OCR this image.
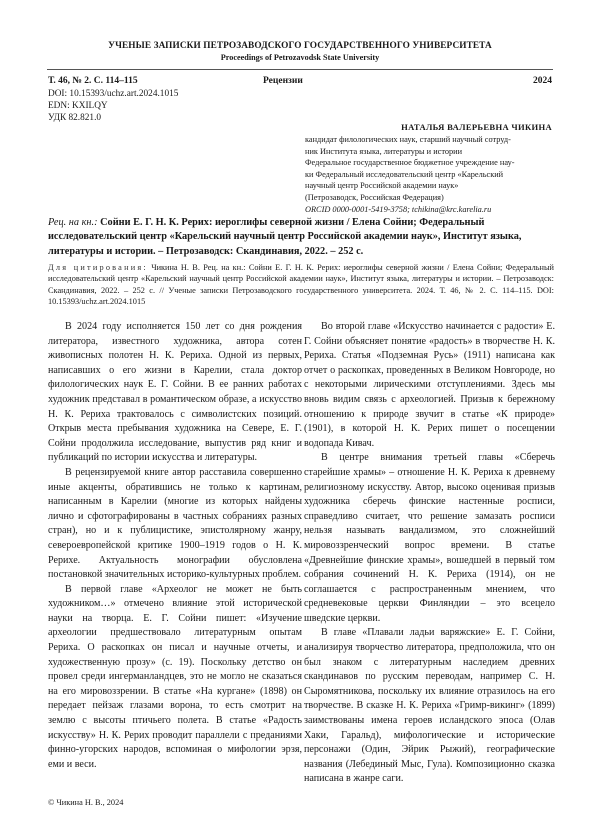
УЧЕНЫЕ ЗАПИСКИ ПЕТРОЗАВОДСКОГО ГОСУДАРСТВЕННОГО УНИВЕРСИТЕТА
Proceedings of Petrozavodsk State University
Т. 46, № 2. С. 114–115	Рецензии	2024
DOI: 10.15393/uchz.art.2024.1015
EDN: KXILQY
УДК 82.821.0
НАТАЛЬЯ ВАЛЕРЬЕВНА ЧИКИНА
кандидат филологических наук, старший научный сотруд-
ник Института языка, литературы и истории
Федеральное государственное бюджетное учреждение нау-
ки Федеральный исследовательский центр «Карельский
научный центр Российской академии наук»
(Петрозаводск, Российская Федерация)
ORCID 0000-0001-5419-3758; tchikina@krc.karelia.ru
Рец. на кн.: Сойни Е. Г. Н. К. Рерих: иероглифы северной жизни / Елена Сойни; Федеральный исследовательский центр «Карельский научный центр Российской академии наук», Институт языка, литературы и истории. – Петрозаводск: Скандинавия, 2022. – 252 с.
Для цитирования: Чикина Н. В. Рец. на кн.: Сойни Е. Г. Н. К. Рерих: иероглифы северной жизни / Елена Сойни; Федеральный исследовательский центр «Карельский научный центр Российской академии наук», Институт языка, литературы и истории. – Петрозаводск: Скандинавия, 2022. – 252 с. // Ученые записки Петрозаводского государственного университета. 2024. Т. 46, № 2. С. 114–115. DOI: 10.15393/uchz.art.2024.1015

В 2024 году исполняется 150 лет со дня рождения литератора, известного художника, автора сотен живописных полотен Н. К. Рериха. Одной из первых, написавших о его жизни в Карелии, стала доктор филологических наук Е. Г. Сойни. В ее ранних работах художник представал в романтическом образе, а искусство Н. К. Рериха трактовалось с символистских позиций. Открыв места пребывания художника на Севере, Е. Г. Сойни продолжила исследование, выпустив ряд книг и публикаций по истории искусства и литературы.

В рецензируемой книге автор расставила совершенно иные акценты, обратившись не только к картинам, написанным в Карелии (многие из которых найдены лично и сфотографированы в частных собраниях разных стран), но и к публицистике, эпистолярному жанру, североевропейской критике 1900–1919 годов о Н. К. Рерихе. Актуальность монографии обусловлена постановкой значительных историко-культурных проблем.

В первой главе «Археолог не может не быть художником…» отмечено влияние этой исторической науки на творца. Е. Г. Сойни пишет: «Изучение археологии предшествовало литературным опытам Рериха. О раскопках он писал и научные отчеты, и художественную прозу» (с. 19). Поскольку детство он провел среди ингерманландцев, это не могло не сказаться на его мировоззрении. В статье «На кургане» (1898) он передает пейзаж глазами ворона, то есть смотрит на землю с высоты птичьего полета. В статье «Радость искусству» Н. К. Рерих проводит параллели с преданиями финно-угорских народов, вспоминая о мифологии эрзя, еми и веси.

Во второй главе «Искусство начинается с радости» Е. Г. Сойни объясняет понятие «радость» в творчестве Н. К. Рериха. Статья «Подземная Русь» (1911) написана как отчет о раскопках, проведенных в Великом Новгороде, но с некоторыми лирическими отступлениями. Здесь мы вновь видим связь с археологией. Призыв к бережному отношению к природе звучит в статье «К природе» (1901), в которой Н. К. Рерих пишет о посещении водопада Кивач.

В центре внимания третьей главы «Сберечь старейшие храмы» – отношение Н. К. Рериха к древнему религиозному искусству. Автор, высоко оценивая призыв художника сберечь финские настенные росписи, справедливо считает, что решение замазать росписи нельзя называть вандализмом, это сложнейший мировоззренческий вопрос времени. В статье «Древнейшие финские храмы», вошедшей в первый том собрания сочинений Н. К. Рериха (1914), он не соглашается с распространенным мнением, что средневековые церкви Финляндии – это всецело шведские церкви.

В главе «Плавали ладьи варяжские» Е. Г. Сойни, анализируя творчество литератора, предположила, что он был знаком с литературным наследием древних скандинавов по русским переводам, например С. Н. Сыромятникова, поскольку их влияние отразилось на его творчестве. В сказке Н. К. Рериха «Гримр-викинг» (1899) заимствованы имена героев исландского эпоса (Олав Хаки, Гаральд), мифологические и исторические персонажи (Один, Эйрик Рыжий), географические названия (Лебединый Мыс, Гула). Композиционно сказка написана в жанре саги.

© Чикина Н. В., 2024
